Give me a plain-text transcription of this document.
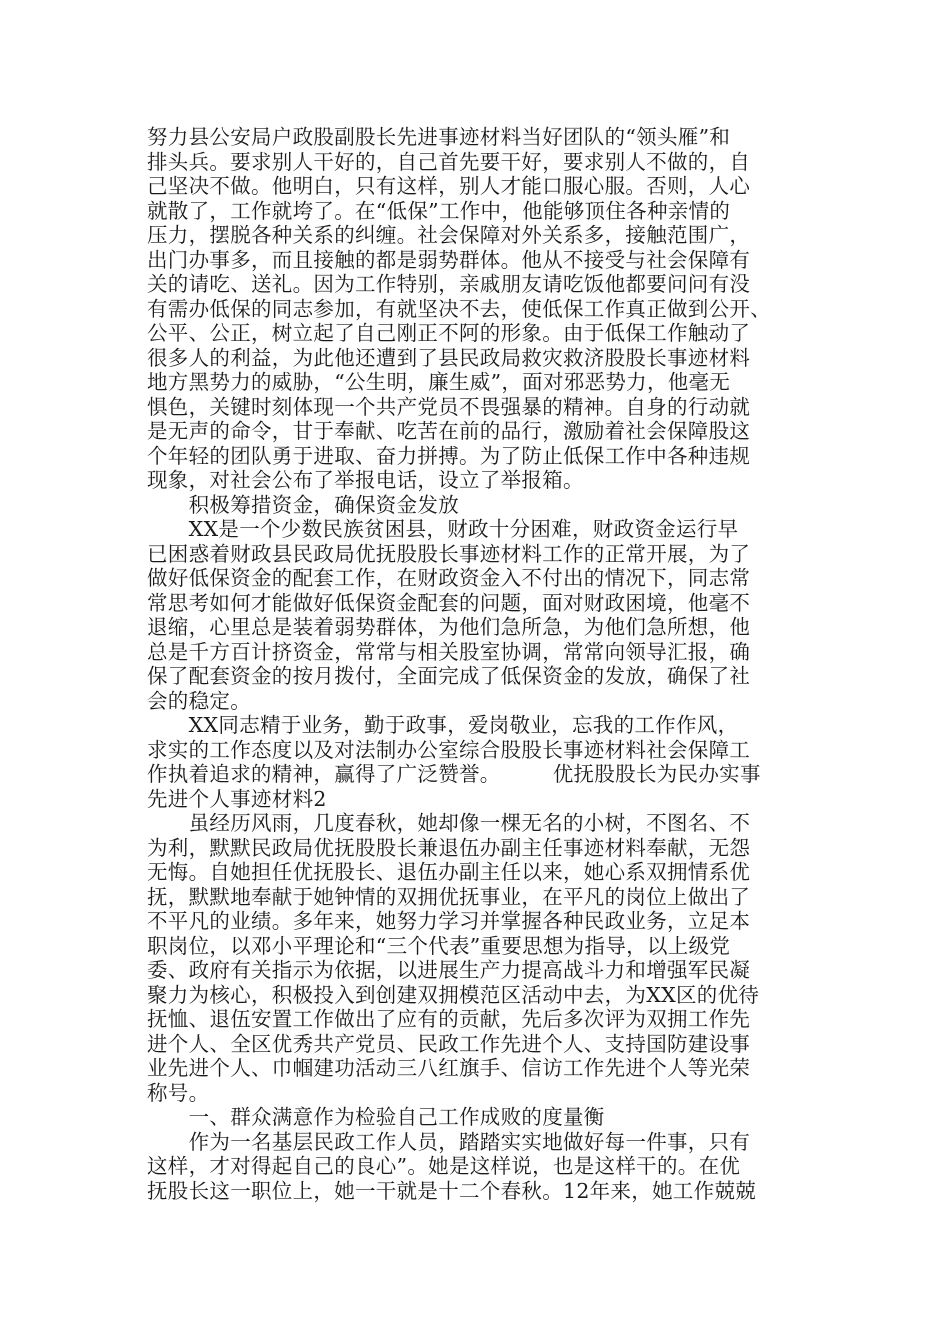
努力县公安局户政股副股长先进事迹材料当好团队的“领头雁”和
排头兵。要求别人干好的，自己首先要干好，要求别人不做的，自
己坚决不做。他明白，只有这样，别人才能口服心服。否则，人心
就散了，工作就垮了。在“低保”工作中，他能够顶住各种亲情的
压力，摆脱各种关系的纠缠。社会保障对外关系多，接触范围广，
出门办事多，而且接触的都是弱势群体。他从不接受与社会保障有
关的请吃、送礼。因为工作特别，亲戚朋友请吃饭他都要问问有没
有需办低保的同志参加，有就坚决不去，使低保工作真正做到公开、
公平、公正，树立起了自己刚正不阿的形象。由于低保工作触动了
很多人的利益，为此他还遭到了县民政局救灾救济股股长事迹材料
地方黑势力的威胁，“公生明，廉生威”，面对邪恶势力，他毫无
惧色，关键时刻体现一个共产党员不畏强暴的精神。自身的行动就
是无声的命令，甘于奉献、吃苦在前的品行，激励着社会保障股这
个年轻的团队勇于进取、奋力拼搏。为了防止低保工作中各种违规
现象，对社会公布了举报电话，设立了举报箱。
　　积极筹措资金，确保资金发放
　　XX是一个少数民族贫困县，财政十分困难，财政资金运行早
已困惑着财政县民政局优抚股股长事迹材料工作的正常开展，为了
做好低保资金的配套工作，在财政资金入不付出的情况下，同志常
常思考如何才能做好低保资金配套的问题，面对财政困境，他毫不
退缩，心里总是装着弱势群体，为他们急所急，为他们急所想，他
总是千方百计挤资金，常常与相关股室协调，常常向领导汇报，确
保了配套资金的按月拨付，全面完成了低保资金的发放，确保了社
会的稳定。
　　XX同志精于业务，勤于政事，爱岗敬业，忘我的工作作风，
求实的工作态度以及对法制办公室综合股股长事迹材料社会保障工
作执着追求的精神，赢得了广泛赞誉。　　　优抚股股长为民办实事
先进个人事迹材料2
　　虽经历风雨，几度春秋，她却像一棵无名的小树，不图名、不
为利，默默民政局优抚股股长兼退伍办副主任事迹材料奉献，无怨
无悔。自她担任优抚股长、退伍办副主任以来，她心系双拥情系优
抚，默默地奉献于她钟情的双拥优抚事业，在平凡的岗位上做出了
不平凡的业绩。多年来，她努力学习并掌握各种民政业务，立足本
职岗位，以邓小平理论和“三个代表”重要思想为指导，以上级党
委、政府有关指示为依据，以进展生产力提高战斗力和增强军民凝
聚力为核心，积极投入到创建双拥模范区活动中去，为XX区的优待
抚恤、退伍安置工作做出了应有的贡献，先后多次评为双拥工作先
进个人、全区优秀共产党员、民政工作先进个人、支持国防建设事
业先进个人、巾帼建功活动三八红旗手、信访工作先进个人等光荣
称号。
　　一、群众满意作为检验自己工作成败的度量衡
　　作为一名基层民政工作人员，踏踏实实地做好每一件事，只有
这样，才对得起自己的良心”。她是这样说，也是这样干的。在优
抚股长这一职位上，她一干就是十二个春秋。12年来，她工作兢兢
